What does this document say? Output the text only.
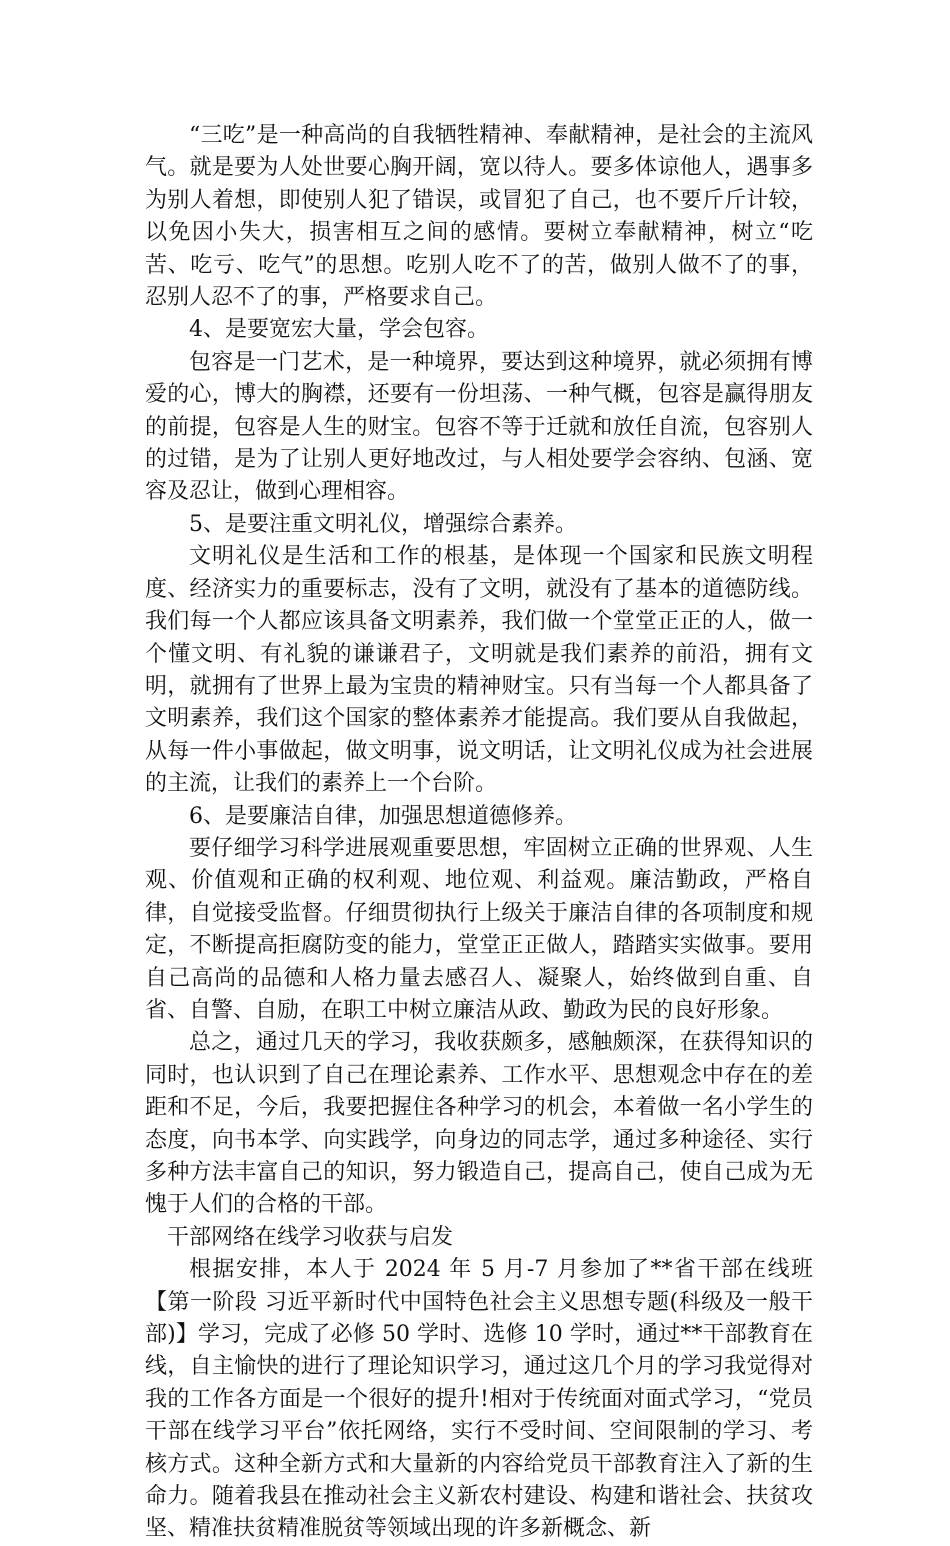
“三吃”是一种高尚的自我牺牲精神、奉献精神，是社会的主流风气。就是要为人处世要心胸开阔，宽以待人。要多体谅他人，遇事多为别人着想，即使别人犯了错误，或冒犯了自己，也不要斤斤计较，以免因小失大，损害相互之间的感情。要树立奉献精神，树立“吃苦、吃亏、吃气”的思想。吃别人吃不了的苦，做别人做不了的事，忍别人忍不了的事，严格要求自己。

4、是要宽宏大量，学会包容。

包容是一门艺术，是一种境界，要达到这种境界，就必须拥有博爱的心，博大的胸襟，还要有一份坦荡、一种气概，包容是赢得朋友的前提，包容是人生的财宝。包容不等于迁就和放任自流，包容别人的过错，是为了让别人更好地改过，与人相处要学会容纳、包涵、宽容及忍让，做到心理相容。

5、是要注重文明礼仪，增强综合素养。

文明礼仪是生活和工作的根基，是体现一个国家和民族文明程度、经济实力的重要标志，没有了文明，就没有了基本的道德防线。我们每一个人都应该具备文明素养，我们做一个堂堂正正的人，做一个懂文明、有礼貌的谦谦君子，文明就是我们素养的前沿，拥有文明，就拥有了世界上最为宝贵的精神财宝。只有当每一个人都具备了文明素养，我们这个国家的整体素养才能提高。我们要从自我做起，从每一件小事做起，做文明事，说文明话，让文明礼仪成为社会进展的主流，让我们的素养上一个台阶。

6、是要廉洁自律，加强思想道德修养。

要仔细学习科学进展观重要思想，牢固树立正确的世界观、人生观、价值观和正确的权利观、地位观、利益观。廉洁勤政，严格自律，自觉接受监督。仔细贯彻执行上级关于廉洁自律的各项制度和规定，不断提高拒腐防变的能力，堂堂正正做人，踏踏实实做事。要用自己高尚的品德和人格力量去感召人、凝聚人，始终做到自重、自省、自警、自励，在职工中树立廉洁从政、勤政为民的良好形象。

总之，通过几天的学习，我收获颇多，感触颇深，在获得知识的同时，也认识到了自己在理论素养、工作水平、思想观念中存在的差距和不足，今后，我要把握住各种学习的机会，本着做一名小学生的态度，向书本学、向实践学，向身边的同志学，通过多种途径、实行多种方法丰富自己的知识，努力锻造自己，提高自己，使自己成为无愧于人们的合格的干部。

干部网络在线学习收获与启发

根据安排，本人于 2024 年 5 月-7 月参加了**省干部在线班【第一阶段 习近平新时代中国特色社会主义思想专题(科级及一般干部)】学习，完成了必修 50 学时、选修 10 学时，通过**干部教育在线，自主愉快的进行了理论知识学习，通过这几个月的学习我觉得对我的工作各方面是一个很好的提升!相对于传统面对面式学习，“党员干部在线学习平台”依托网络，实行不受时间、空间限制的学习、考核方式。这种全新方式和大量新的内容给党员干部教育注入了新的生命力。随着我县在推动社会主义新农村建设、构建和谐社会、扶贫攻坚、精准扶贫精准脱贫等领域出现的许多新概念、新
